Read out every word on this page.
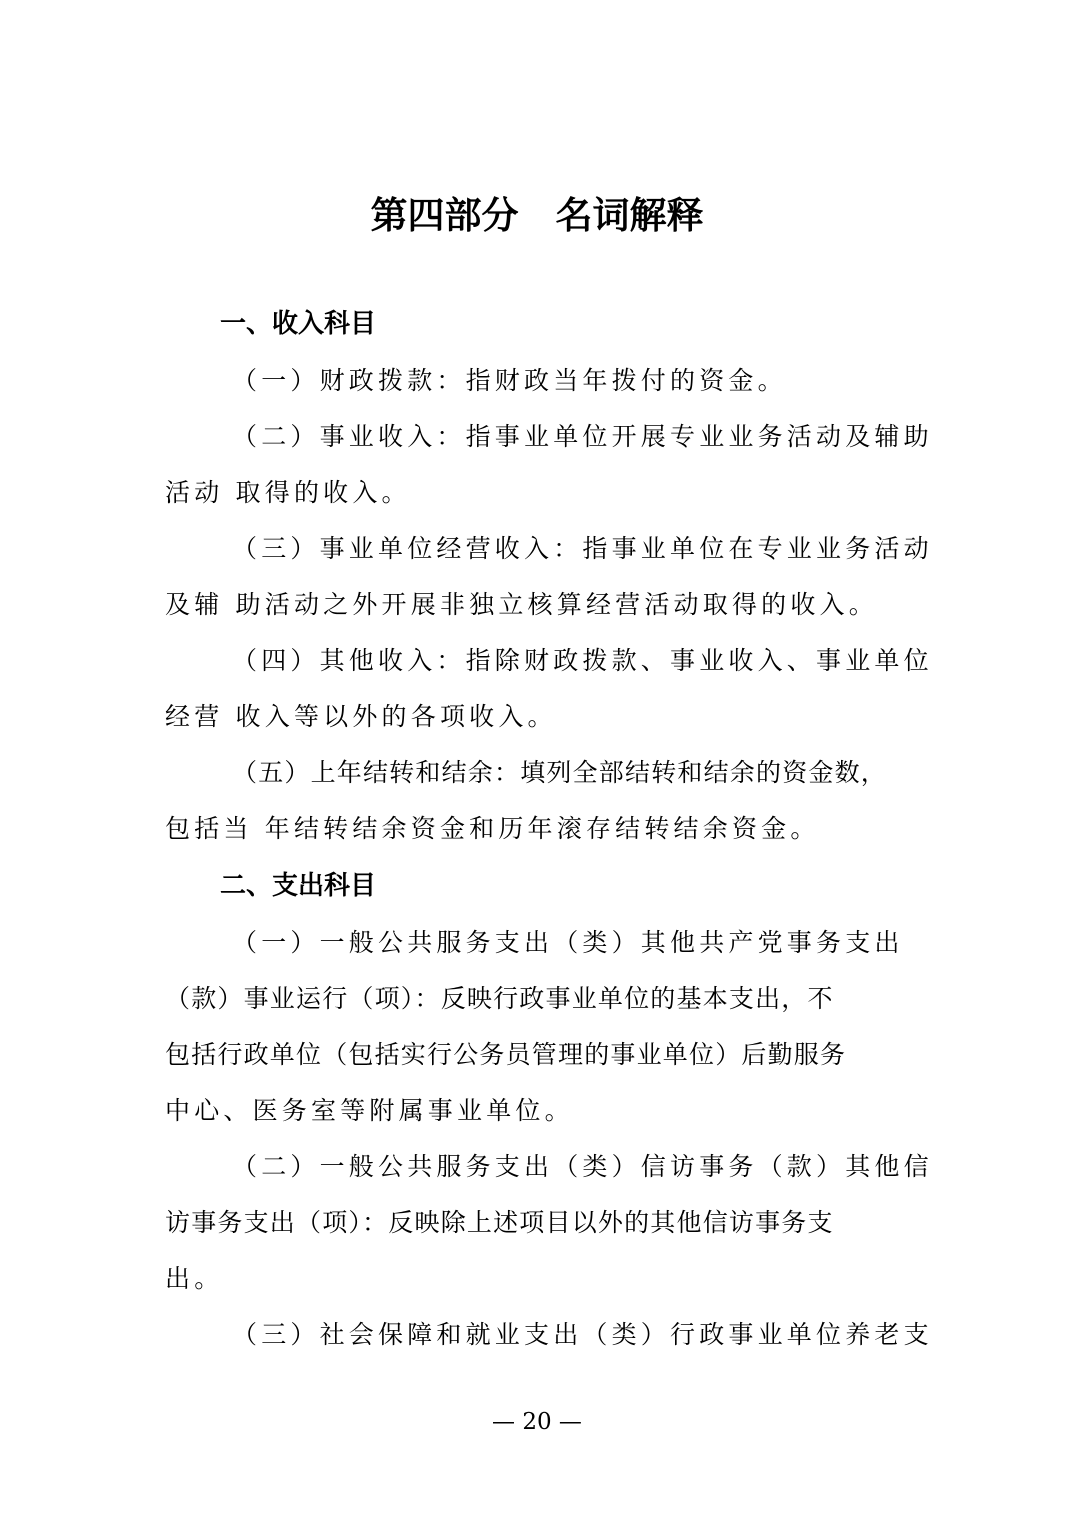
第四部分　名词解释
一、收入科目
（一）财政拨款：指财政当年拨付的资金。
（二）事业收入：指事业单位开展专业业务活动及辅助
活动 取得的收入。
（三）事业单位经营收入：指事业单位在专业业务活动
及辅 助活动之外开展非独立核算经营活动取得的收入。
（四）其他收入：指除财政拨款、事业收入、事业单位
经营 收入等以外的各项收入。
（五）上年结转和结余：填列全部结转和结余的资金数，
包括当 年结转结余资金和历年滚存结转结余资金。
二、支出科目
（一）一般公共服务支出（类）其他共产党事务支出
（款）事业运行（项）：反映行政事业单位的基本支出，不
包括行政单位（包括实行公务员管理的事业单位）后勤服务
中心、医务室等附属事业单位。
（二）一般公共服务支出（类）信访事务（款）其他信
访事务支出（项）：反映除上述项目以外的其他信访事务支
出。
（三）社会保障和就业支出（类）行政事业单位养老支
— 20 —
